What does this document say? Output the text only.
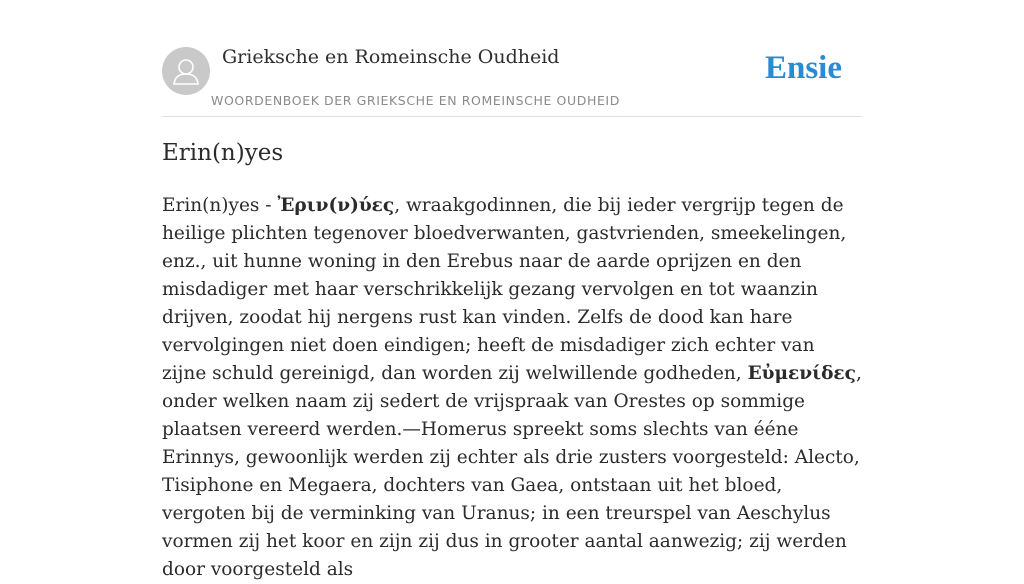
Grieksche en Romeinsche Oudheid
WOORDENBOEK DER GRIEKSCHE EN ROMEINSCHE OUDHEID
Ensie
Erin(n)yes

Erin(n)yes - Ἐριν(ν)ύες, wraakgodinnen, die bij ieder vergrijp tegen de heilige plichten tegenover bloedverwanten, gastvrienden, smeekelingen, enz., uit hunne woning in den Erebus naar de aarde oprijzen en den misdadiger met haar verschrikkelijk gezang vervolgen en tot waanzin drijven, zoodat hij nergens rust kan vinden. Zelfs de dood kan hare vervolgingen niet doen eindigen; heeft de misdadiger zich echter van zijne schuld gereinigd, dan worden zij welwillende godheden, Εὐμενίδες, onder welken naam zij sedert de vrijspraak van Orestes op sommige plaatsen vereerd werden.—Homerus spreekt soms slechts van ééne Erinnys, gewoonlijk werden zij echter als drie zusters voorgesteld: Alecto, Tisiphone en Megaera, dochters van Gaea, ontstaan uit het bloed, vergoten bij de verminking van Uranus; in een treurspel van Aeschylus vormen zij het koor en zijn zij dus in grooter aantal aanwezig; zij werden door voorgesteld als
